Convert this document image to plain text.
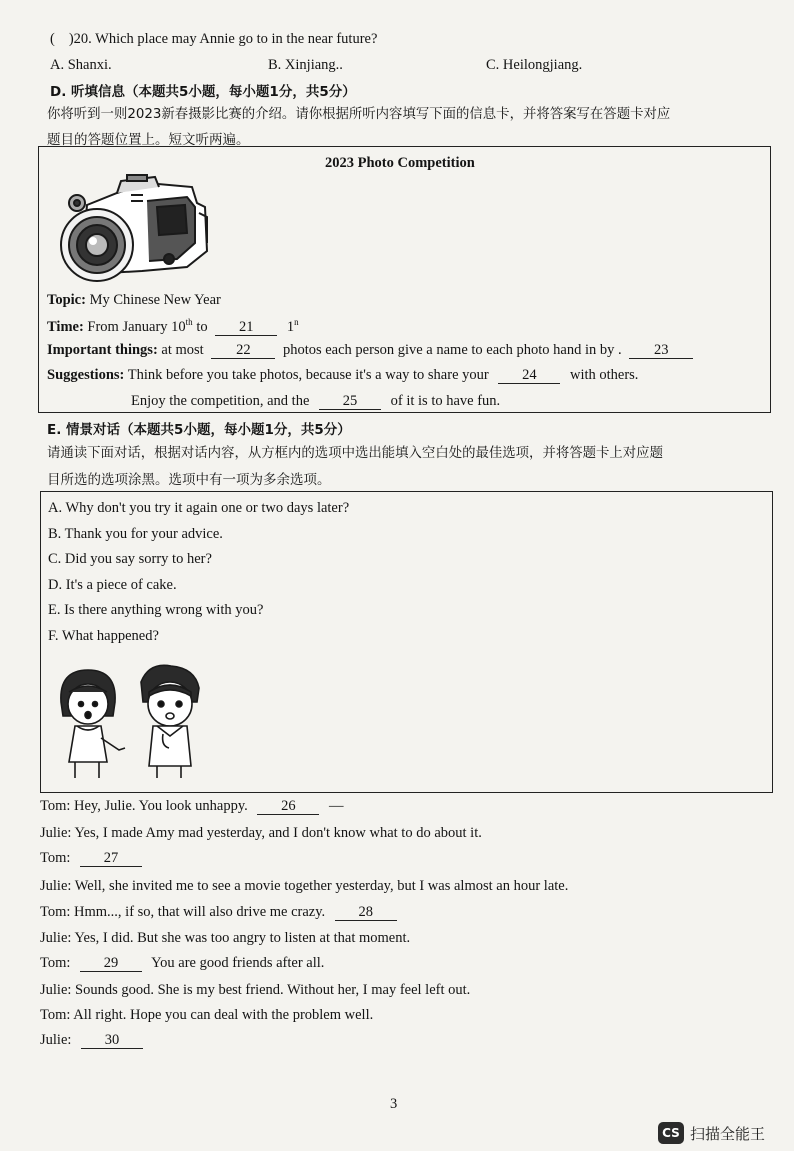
( )20. Which place may Annie go to in the near future?
A. Shanxi.	B. Xinjiang..	C. Heilongjiang.
D. 听填信息（本题共5小题，每小题1分，共5分）
你将听到一则2023新春摄影比赛的介绍。请你根据所听内容填写下面的信息卡，并将答案写在答题卡对应
题目的答题位置上。短文听两遍。
2023 Photo Competition
Topic: My Chinese New Year
Time: From January 10th to 21 1$^n$
Important things: at most 22 photos each person give a name to each photo hand in by . 23
Suggestions: Think before you take photos, because it's a way to share your 24 with others.
Enjoy the competition, and the 25 of it is to have fun.
E. 情景对话（本题共5小题，每小题1分，共5分）
请通读下面对话，根据对话内容，从方框内的选项中选出能填入空白处的最佳选项，并将答题卡上对应题
目所选的选项涂黑。选项中有一项为多余选项。
A. Why don't you try it again one or two days later?
B. Thank you for your advice.
C. Did you say sorry to her?
D. It's a piece of cake.
E. Is there anything wrong with you?
F. What happened?
Tom: Hey, Julie. You look unhappy. 26 —
Julie: Yes, I made Amy mad yesterday, and I don't know what to do about it.
Tom: 27
Julie: Well, she invited me to see a movie together yesterday, but I was almost an hour late.
Tom: Hmm..., if so, that will also drive me crazy. 28
Julie: Yes, I did. But she was too angry to listen at that moment.
Tom: 29 You are good friends after all.
Julie: Sounds good. She is my best friend. Without her, I may feel left out.
Tom: All right. Hope you can deal with the problem well.
Julie: 30
3
CS 扫描全能王
